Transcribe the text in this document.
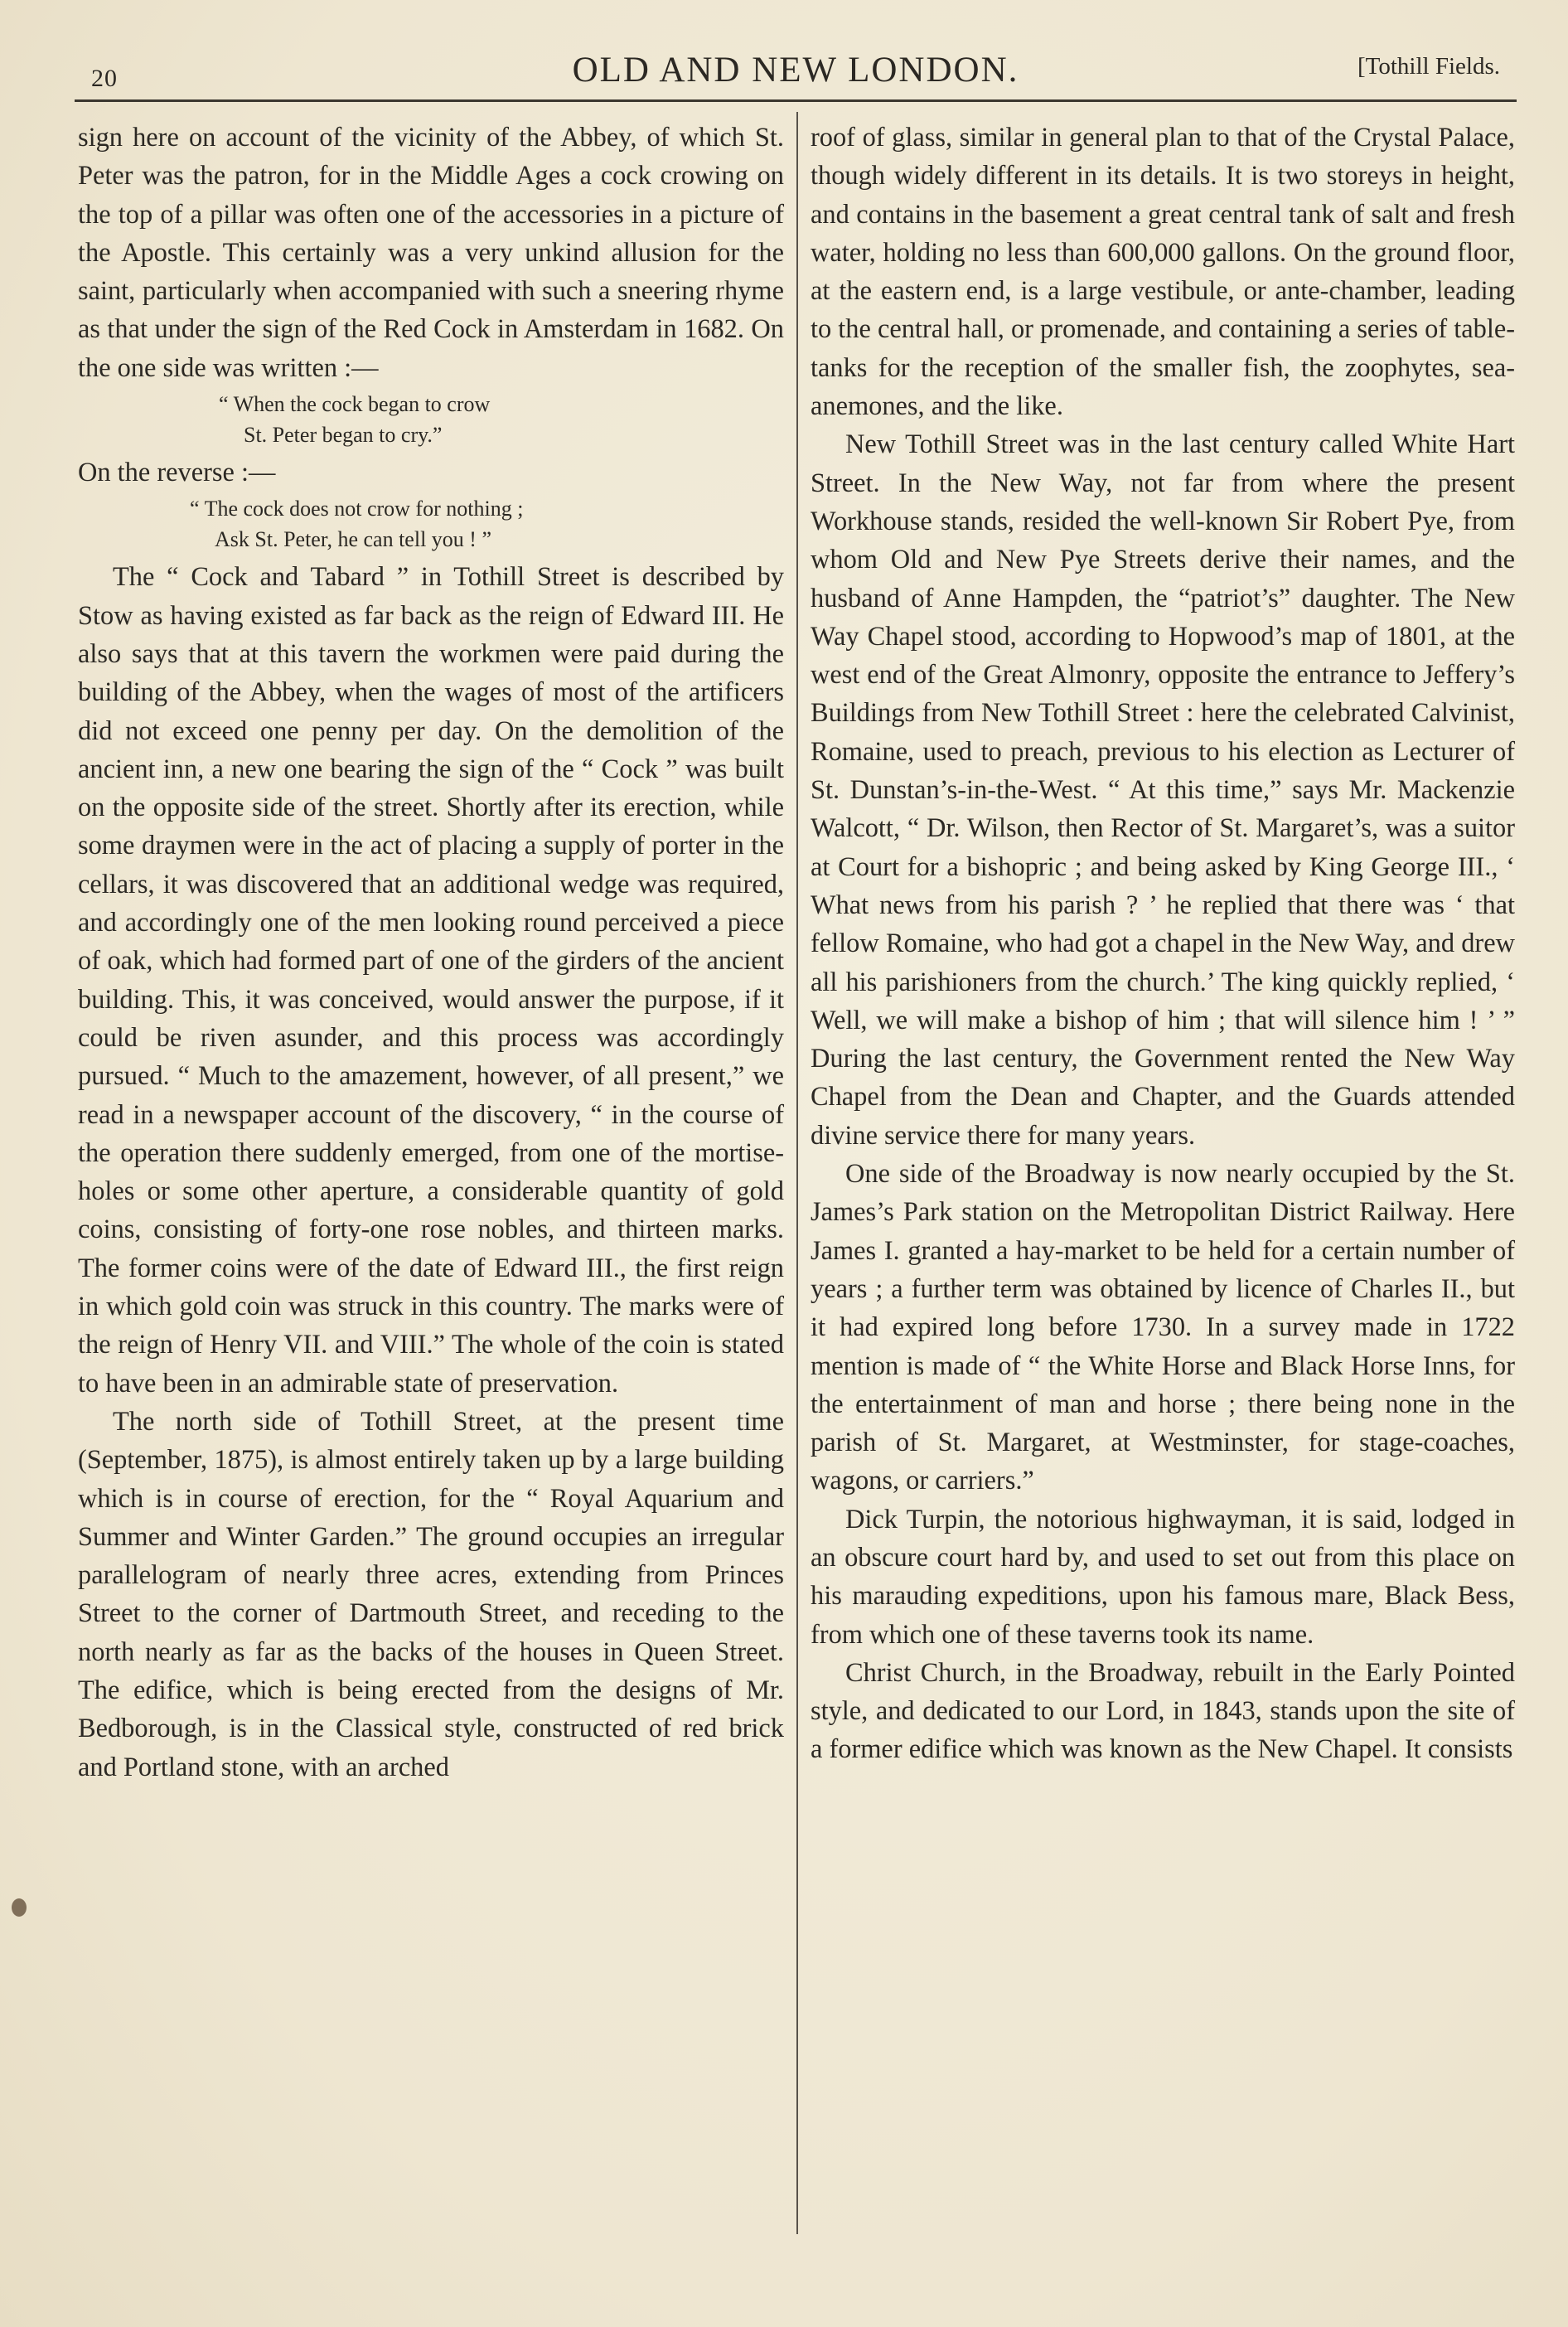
20	OLD AND NEW LONDON.	[Tothill Fields.

sign here on account of the vicinity of the Abbey, of which St. Peter was the patron, for in the Middle Ages a cock crowing on the top of a pillar was often one of the accessories in a picture of the Apostle. This certainly was a very unkind allusion for the saint, particularly when accompanied with such a sneering rhyme as that under the sign of the Red Cock in Amsterdam in 1682. On the one side was written :—

“ When the cock began to crow
St. Peter began to cry.”

On the reverse :—

“ The cock does not crow for nothing ;
Ask St. Peter, he can tell you ! ”

The “ Cock and Tabard ” in Tothill Street is described by Stow as having existed as far back as the reign of Edward III. He also says that at this tavern the workmen were paid during the building of the Abbey, when the wages of most of the artificers did not exceed one penny per day. On the demolition of the ancient inn, a new one bearing the sign of the “ Cock ” was built on the opposite side of the street. Shortly after its erection, while some draymen were in the act of placing a supply of porter in the cellars, it was discovered that an additional wedge was required, and accordingly one of the men looking round perceived a piece of oak, which had formed part of one of the girders of the ancient building. This, it was conceived, would answer the purpose, if it could be riven asunder, and this process was accordingly pursued. “ Much to the amazement, however, of all present,” we read in a newspaper account of the discovery, “ in the course of the operation there suddenly emerged, from one of the mortise-holes or some other aperture, a considerable quantity of gold coins, consisting of forty-one rose nobles, and thirteen marks. The former coins were of the date of Edward III., the first reign in which gold coin was struck in this country. The marks were of the reign of Henry VII. and VIII.” The whole of the coin is stated to have been in an admirable state of preservation.

The north side of Tothill Street, at the present time (September, 1875), is almost entirely taken up by a large building which is in course of erection, for the “ Royal Aquarium and Summer and Winter Garden.” The ground occupies an irregular parallelogram of nearly three acres, extending from Princes Street to the corner of Dartmouth Street, and receding to the north nearly as far as the backs of the houses in Queen Street. The edifice, which is being erected from the designs of Mr. Bedborough, is in the Classical style, constructed of red brick and Portland stone, with an arched

roof of glass, similar in general plan to that of the Crystal Palace, though widely different in its details. It is two storeys in height, and contains in the basement a great central tank of salt and fresh water, holding no less than 600,000 gallons. On the ground floor, at the eastern end, is a large vestibule, or ante-chamber, leading to the central hall, or promenade, and containing a series of table-tanks for the reception of the smaller fish, the zoophytes, sea-anemones, and the like.

New Tothill Street was in the last century called White Hart Street. In the New Way, not far from where the present Workhouse stands, resided the well-known Sir Robert Pye, from whom Old and New Pye Streets derive their names, and the husband of Anne Hampden, the “patriot’s” daughter. The New Way Chapel stood, according to Hopwood’s map of 1801, at the west end of the Great Almonry, opposite the entrance to Jeffery’s Buildings from New Tothill Street : here the celebrated Calvinist, Romaine, used to preach, previous to his election as Lecturer of St. Dunstan’s-in-the-West. “ At this time,” says Mr. Mackenzie Walcott, “ Dr. Wilson, then Rector of St. Margaret’s, was a suitor at Court for a bishopric ; and being asked by King George III., ‘ What news from his parish ? ’ he replied that there was ‘ that fellow Romaine, who had got a chapel in the New Way, and drew all his parishioners from the church.’ The king quickly replied, ‘ Well, we will make a bishop of him ; that will silence him ! ’ ” During the last century, the Government rented the New Way Chapel from the Dean and Chapter, and the Guards attended divine service there for many years.

One side of the Broadway is now nearly occupied by the St. James’s Park station on the Metropolitan District Railway. Here James I. granted a hay-market to be held for a certain number of years ; a further term was obtained by licence of Charles II., but it had expired long before 1730. In a survey made in 1722 mention is made of “ the White Horse and Black Horse Inns, for the entertainment of man and horse ; there being none in the parish of St. Margaret, at Westminster, for stage-coaches, wagons, or carriers.”

Dick Turpin, the notorious highwayman, it is said, lodged in an obscure court hard by, and used to set out from this place on his marauding expeditions, upon his famous mare, Black Bess, from which one of these taverns took its name.

Christ Church, in the Broadway, rebuilt in the Early Pointed style, and dedicated to our Lord, in 1843, stands upon the site of a former edifice which was known as the New Chapel. It consists
